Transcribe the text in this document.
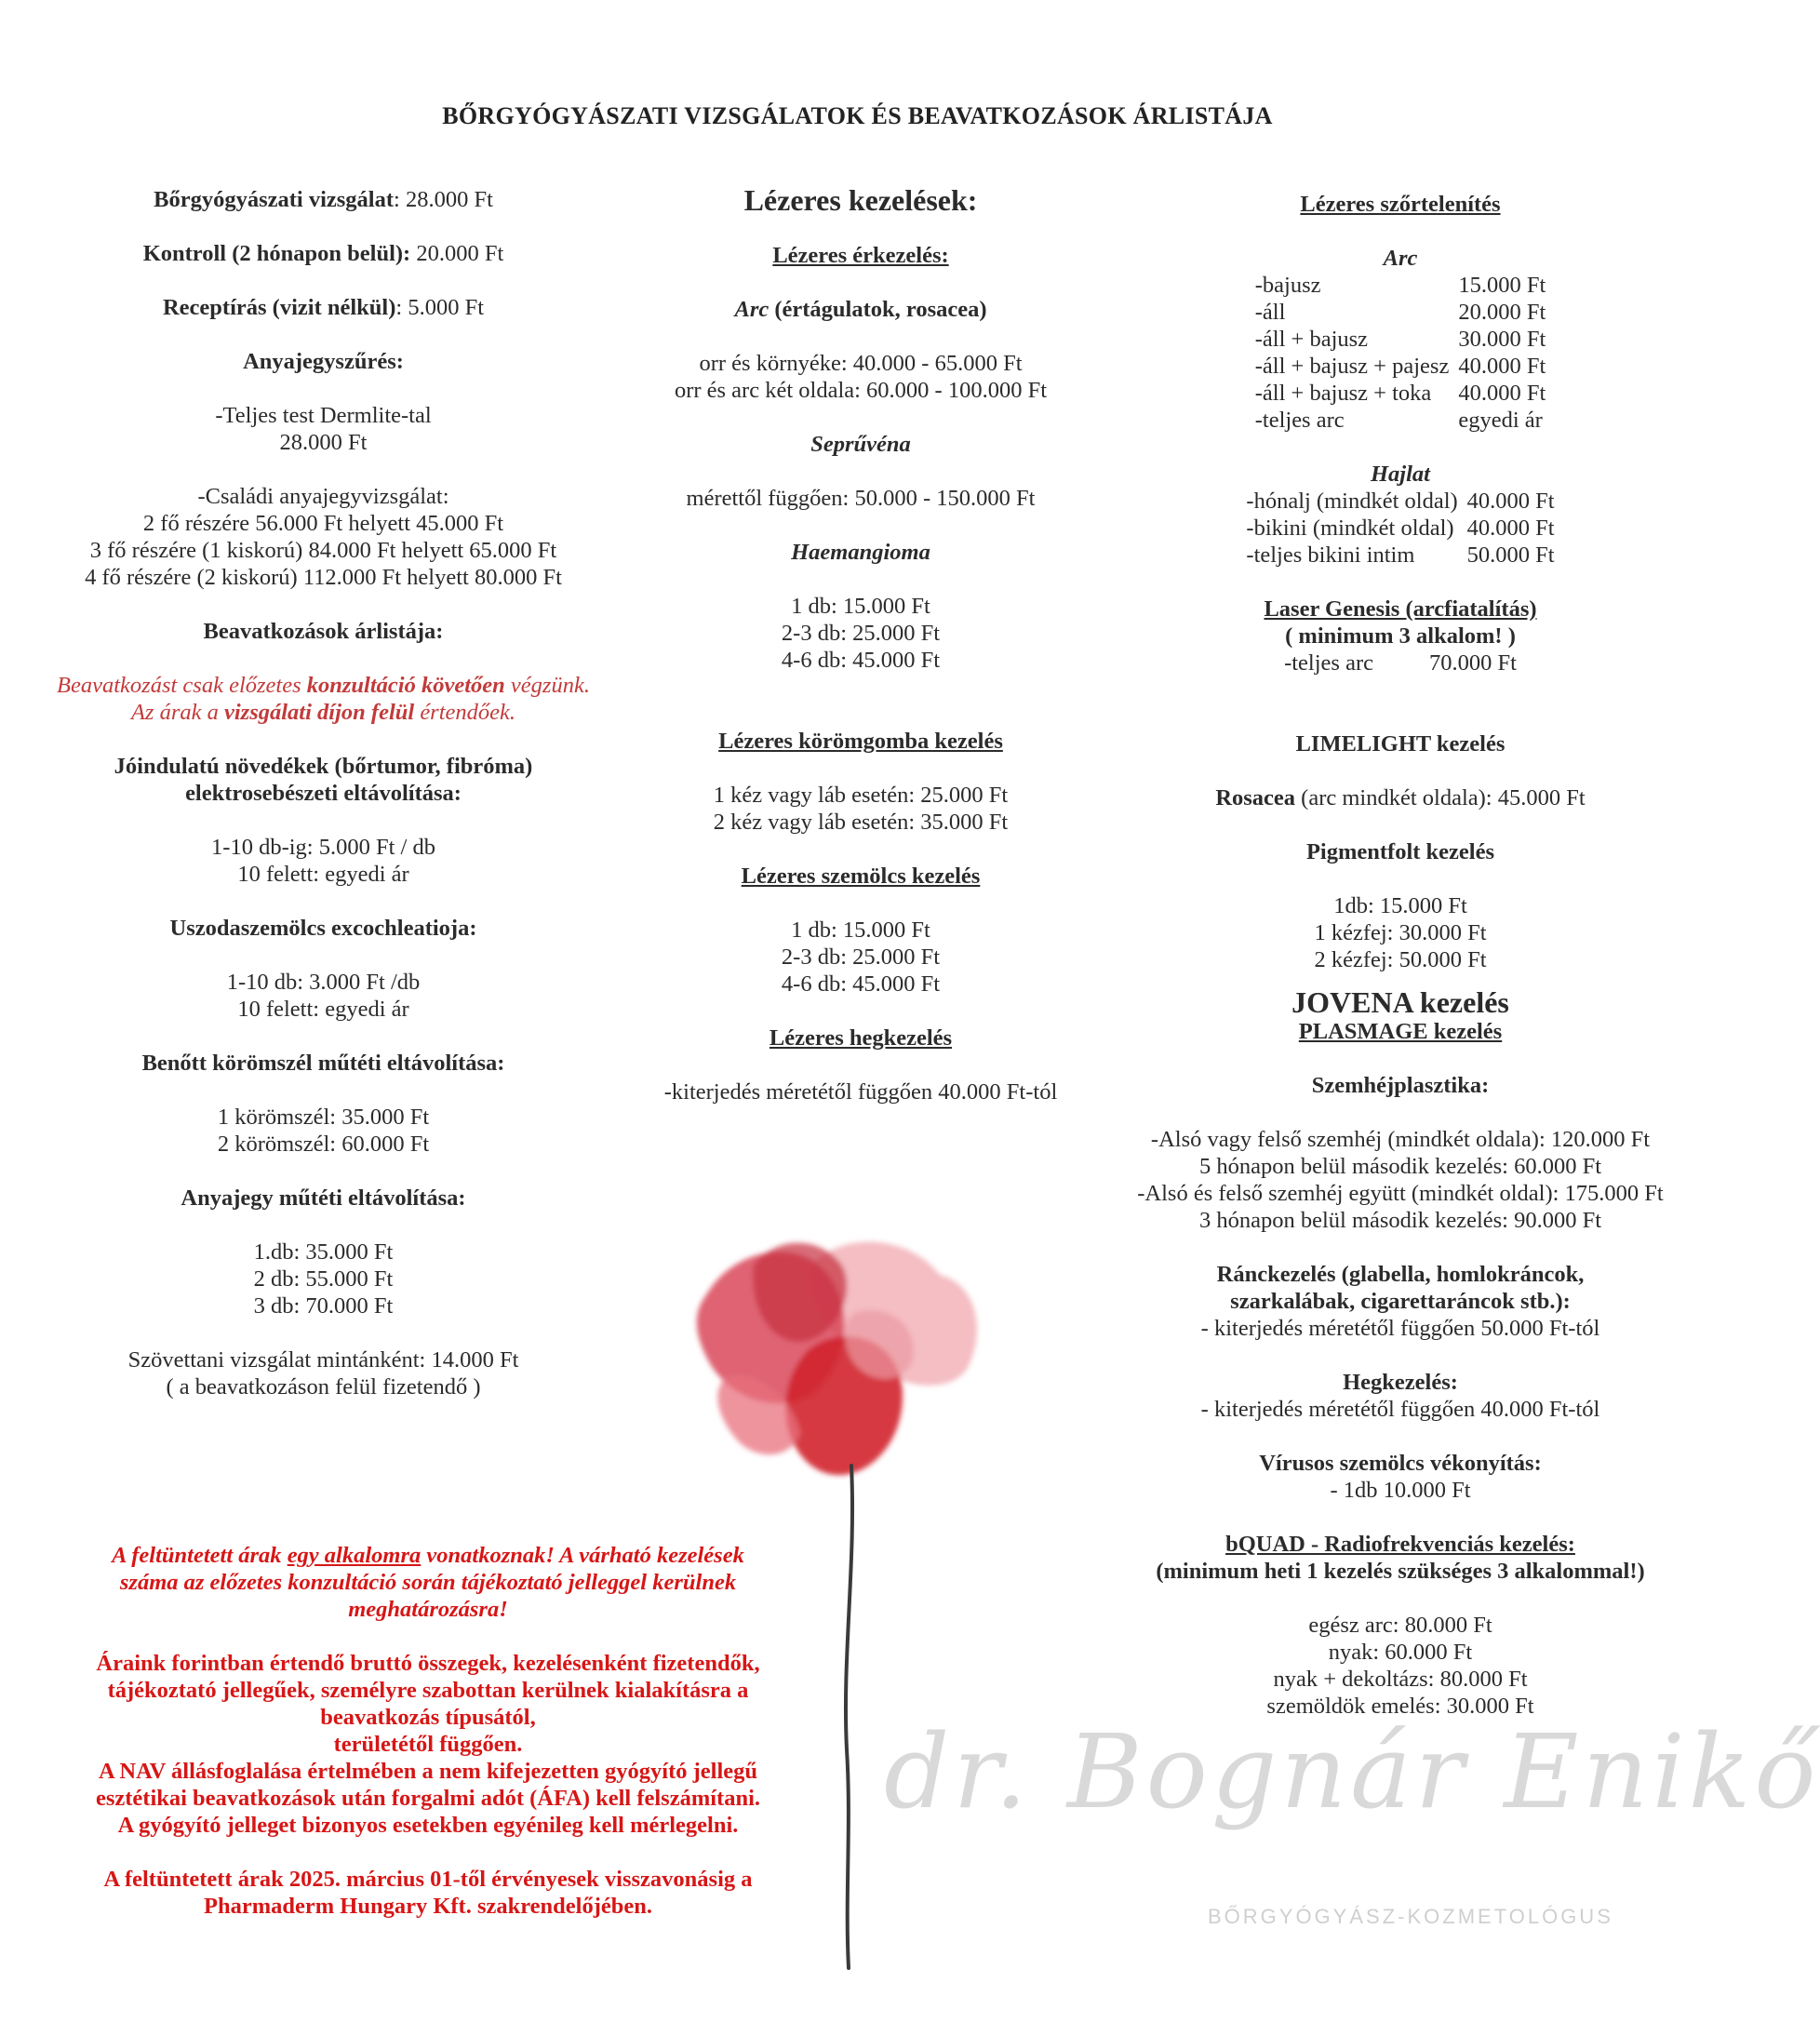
BŐRGYÓGYÁSZATI VIZSGÁLATOK ÉS BEAVATKOZÁSOK ÁRLISTÁJA

Bőrgyógyászati vizsgálat: 28.000 Ft

Kontroll (2 hónapon belül): 20.000 Ft

Receptírás (vizit nélkül): 5.000 Ft

Anyajegyszűrés:

-Teljes test Dermlite-tal

28.000 Ft

-Családi anyajegyvizsgálat:

2 fő részére 56.000 Ft helyett 45.000 Ft

3 fő részére (1 kiskorú) 84.000 Ft helyett 65.000 Ft

4 fő részére (2 kiskorú) 112.000 Ft helyett 80.000 Ft

Beavatkozások árlistája:

Beavatkozást csak előzetes konzultáció követően végzünk.

Az árak a vizsgálati díjon felül értendőek.

Jóindulatú növedékek (bőrtumor, fibróma)

elektrosebészeti eltávolítása:

1-10 db-ig: 5.000 Ft / db

10 felett: egyedi ár

Uszodaszemölcs excochleatioja:

1-10 db: 3.000 Ft /db

10 felett: egyedi ár

Benőtt körömszél műtéti eltávolítása:

1 körömszél: 35.000 Ft

2 körömszél: 60.000 Ft

Anyajegy műtéti eltávolítása:

1.db: 35.000 Ft

2 db: 55.000 Ft

3 db: 70.000 Ft

Szövettani vizsgálat mintánként: 14.000 Ft

( a beavatkozáson felül fizetendő )

Lézeres kezelések:

Lézeres érkezelés:

Arc (értágulatok, rosacea)

orr és környéke: 40.000 - 65.000 Ft

orr és arc két oldala: 60.000 - 100.000 Ft

Seprűvéna

mérettől függően: 50.000 - 150.000 Ft

Haemangioma

1 db: 15.000 Ft

2-3 db: 25.000 Ft

4-6 db: 45.000 Ft

Lézeres körömgomba kezelés

1 kéz vagy láb esetén: 25.000 Ft

2 kéz vagy láb esetén: 35.000 Ft

Lézeres szemölcs kezelés

1 db: 15.000 Ft

2-3 db: 25.000 Ft

4-6 db: 45.000 Ft

Lézeres hegkezelés

-kiterjedés méretétől függően 40.000 Ft-tól

Lézeres szőrtelenítés

Arc

-bajusz	15.000 Ft
-áll	20.000 Ft
-áll + bajusz	30.000 Ft
-áll + bajusz + pajesz	40.000 Ft
-áll + bajusz + toka	40.000 Ft
-teljes arc	egyedi ár

Hajlat

-hónalj (mindkét oldal)	40.000 Ft
-bikini (mindkét oldal)	40.000 Ft
-teljes bikini intim	50.000 Ft

Laser Genesis (arcfiatalítás)

( minimum 3 alkalom! )

-teljes arc	70.000 Ft

LIMELIGHT kezelés

Rosacea (arc mindkét oldala): 45.000 Ft

Pigmentfolt kezelés

1db: 15.000 Ft

1 kézfej: 30.000 Ft

2 kézfej: 50.000 Ft

JOVENA kezelés

PLASMAGE kezelés

Szemhéjplasztika:

-Alsó vagy felső szemhéj (mindkét oldala): 120.000 Ft

5 hónapon belül második kezelés: 60.000 Ft

-Alsó és felső szemhéj együtt (mindkét oldal): 175.000 Ft

3 hónapon belül második kezelés: 90.000 Ft

Ránckezelés (glabella, homlokráncok,

szarkalábak, cigarettaráncok stb.):

- kiterjedés méretétől függően 50.000 Ft-tól

Hegkezelés:

- kiterjedés méretétől függően 40.000 Ft-tól

Vírusos szemölcs vékonyítás:

- 1db 10.000 Ft

bQUAD - Radiofrekvenciás kezelés:

(minimum heti 1 kezelés szükséges 3 alkalommal!)

egész arc: 80.000 Ft

nyak: 60.000 Ft

nyak + dekoltázs: 80.000 Ft

szemöldök emelés: 30.000 Ft

A feltüntetett árak egy alkalomra vonatkoznak! A várható kezelések

száma az előzetes konzultáció során tájékoztató jelleggel kerülnek

meghatározásra!

Áraink forintban értendő bruttó összegek, kezelésenként fizetendők,

tájékoztató jellegűek, személyre szabottan kerülnek kialakításra a

beavatkozás típusától,

területétől függően.

A NAV állásfoglalása értelmében a nem kifejezetten gyógyító jellegű

esztétikai beavatkozások után forgalmi adót (ÁFA) kell felszámítani.

A gyógyító jelleget bizonyos esetekben egyénileg kell mérlegelni.

A feltüntetett árak 2025. március 01-től érvényesek visszavonásig a

Pharmaderm Hungary Kft. szakrendelőjében.

dr. Bognár Enikő
BŐRGYÓGYÁSZ-KOZMETOLÓGUS
